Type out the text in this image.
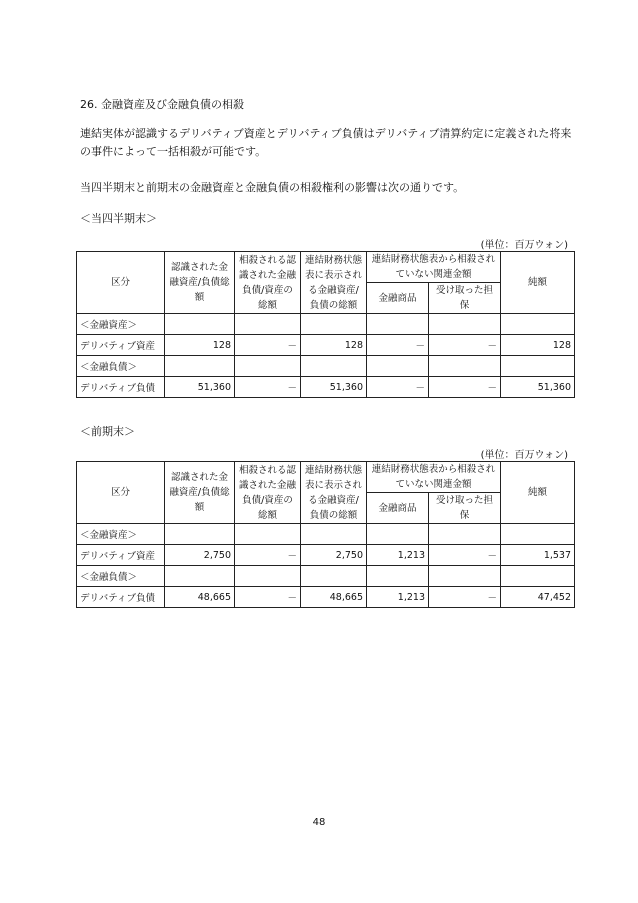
26. 金融資産及び金融負債の相殺
連結実体が認識するデリバティブ資産とデリバティブ負債はデリバティブ清算約定に定義された将来
の事件によって一括相殺が可能です。
当四半期末と前期末の金融資産と金融負債の相殺権利の影響は次の通りです。
＜当四半期末＞
(単位：百万ウォン)
区分	認識された金融資産/負債総額	相殺される認識された金融負債/資産の総額	連結財務状態表に表示される金融資産/負債の総額	連結財務状態表から相殺されていない関連金額		純額
				金融商品	受け取った担保	
＜金融資産＞						
デリバティブ資産	128	－	128	－	－	128
＜金融負債＞						
デリバティブ負債	51,360	－	51,360	－	－	51,360
＜前期末＞
(単位：百万ウォン)
区分	認識された金融資産/負債総額	相殺される認識された金融負債/資産の総額	連結財務状態表に表示される金融資産/負債の総額	連結財務状態表から相殺されていない関連金額		純額
				金融商品	受け取った担保	
＜金融資産＞						
デリバティブ資産	2,750	－	2,750	1,213	－	1,537
＜金融負債＞						
デリバティブ負債	48,665	－	48,665	1,213	－	47,452
48
